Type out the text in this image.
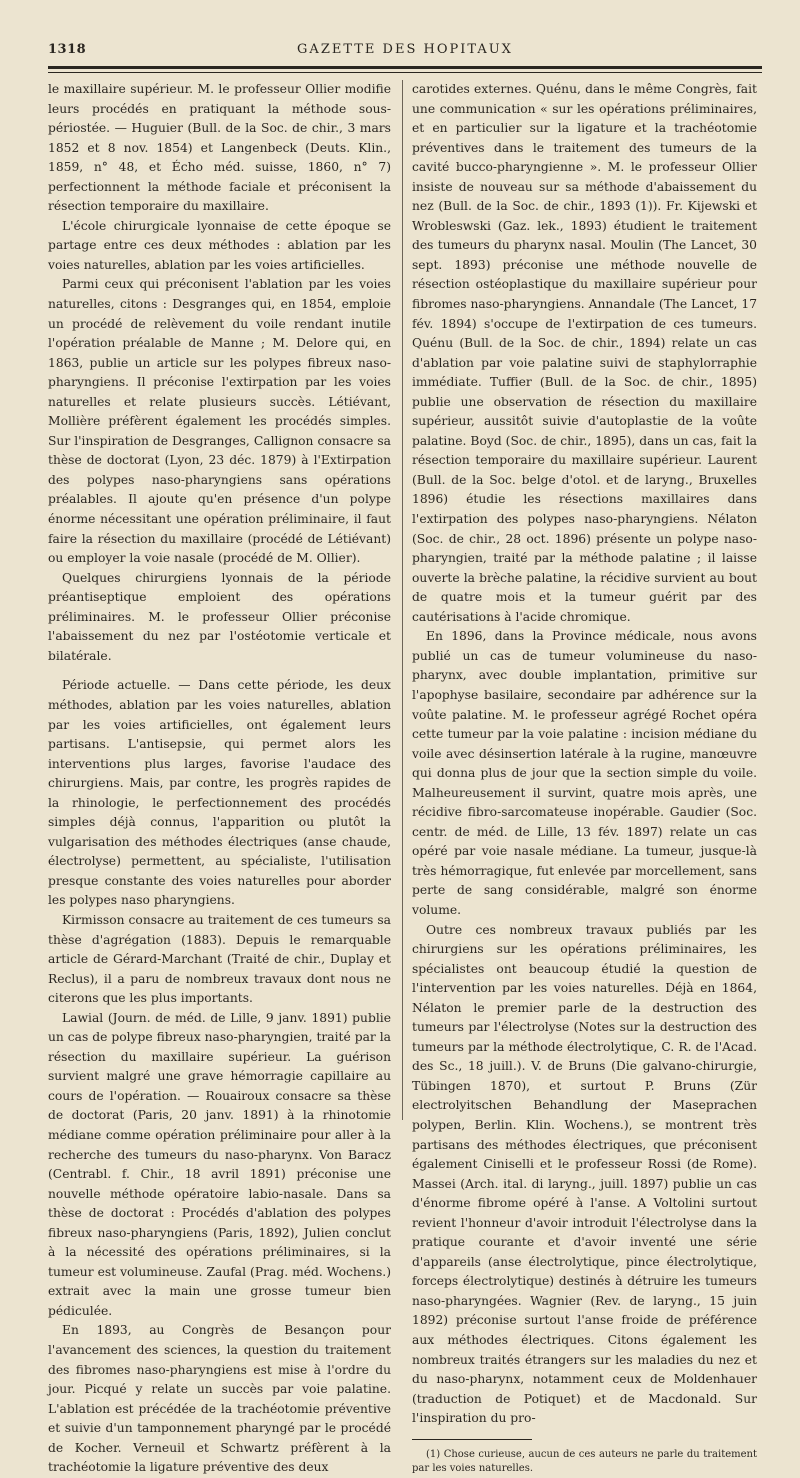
1318	GAZETTE DES HOPITAUX

le maxillaire supérieur. M. le professeur Ollier modifie leurs procédés en pratiquant la méthode sous-périostée. — Huguier (Bull. de la Soc. de chir., 3 mars 1852 et 8 nov. 1854) et Langenbeck (Deuts. Klin., 1859, n° 48, et Écho méd. suisse, 1860, n° 7) perfectionnent la méthode faciale et préconisent la résection temporaire du maxillaire.

L'école chirurgicale lyonnaise de cette époque se partage entre ces deux méthodes : ablation par les voies naturelles, ablation par les voies artificielles.

Parmi ceux qui préconisent l'ablation par les voies naturelles, citons : Desgranges qui, en 1854, emploie un procédé de relèvement du voile rendant inutile l'opération préalable de Manne ; M. Delore qui, en 1863, publie un article sur les polypes fibreux naso-pharyngiens. Il préconise l'extirpation par les voies naturelles et relate plusieurs succès. Létiévant, Mollière préfèrent également les procédés simples. Sur l'inspiration de Desgranges, Callignon consacre sa thèse de doctorat (Lyon, 23 déc. 1879) à l'Extirpation des polypes naso-pharyngiens sans opérations préalables. Il ajoute qu'en présence d'un polype énorme nécessitant une opération préliminaire, il faut faire la résection du maxillaire (procédé de Létiévant) ou employer la voie nasale (procédé de M. Ollier).

Quelques chirurgiens lyonnais de la période préantiseptique emploient des opérations préliminaires. M. le professeur Ollier préconise l'abaissement du nez par l'ostéotomie verticale et bilatérale.

Période actuelle. — Dans cette période, les deux méthodes, ablation par les voies naturelles, ablation par les voies artificielles, ont également leurs partisans. L'antisepsie, qui permet alors les interventions plus larges, favorise l'audace des chirurgiens. Mais, par contre, les progrès rapides de la rhinologie, le perfectionnement des procédés simples déjà connus, l'apparition ou plutôt la vulgarisation des méthodes électriques (anse chaude, électrolyse) permettent, au spécialiste, l'utilisation presque constante des voies naturelles pour aborder les polypes naso pharyngiens.

Kirmisson consacre au traitement de ces tumeurs sa thèse d'agrégation (1883). Depuis le remarquable article de Gérard-Marchant (Traité de chir., Duplay et Reclus), il a paru de nombreux travaux dont nous ne citerons que les plus importants.

Lawial (Journ. de méd. de Lille, 9 janv. 1891) publie un cas de polype fibreux naso-pharyngien, traité par la résection du maxillaire supérieur. La guérison survient malgré une grave hémorragie capillaire au cours de l'opération. — Rouairoux consacre sa thèse de doctorat (Paris, 20 janv. 1891) à la rhinotomie médiane comme opération préliminaire pour aller à la recherche des tumeurs du naso-pharynx. Von Baracz (Centrabl. f. Chir., 18 avril 1891) préconise une nouvelle méthode opératoire labio-nasale. Dans sa thèse de doctorat : Procédés d'ablation des polypes fibreux naso-pharyngiens (Paris, 1892), Julien conclut à la nécessité des opérations préliminaires, si la tumeur est volumineuse. Zaufal (Prag. méd. Wochens.) extrait avec la main une grosse tumeur bien pédiculée.

En 1893, au Congrès de Besançon pour l'avancement des sciences, la question du traitement des fibromes naso-pharyngiens est mise à l'ordre du jour. Picqué y relate un succès par voie palatine. L'ablation est précédée de la trachéotomie préventive et suivie d'un tamponnement pharyngé par le procédé de Kocher. Verneuil et Schwartz préfèrent à la trachéotomie la ligature préventive des deux

carotides externes. Quénu, dans le même Congrès, fait une communication « sur les opérations préliminaires, et en particulier sur la ligature et la trachéotomie préventives dans le traitement des tumeurs de la cavité bucco-pharyngienne ». M. le professeur Ollier insiste de nouveau sur sa méthode d'abaissement du nez (Bull. de la Soc. de chir., 1893 (1)). Fr. Kijewski et Wrobleswski (Gaz. lek., 1893) étudient le traitement des tumeurs du pharynx nasal. Moulin (The Lancet, 30 sept. 1893) préconise une méthode nouvelle de résection ostéoplastique du maxillaire supérieur pour fibromes naso-pharyngiens. Annandale (The Lancet, 17 fév. 1894) s'occupe de l'extirpation de ces tumeurs. Quénu (Bull. de la Soc. de chir., 1894) relate un cas d'ablation par voie palatine suivi de staphylorraphie immédiate. Tuffier (Bull. de la Soc. de chir., 1895) publie une observation de résection du maxillaire supérieur, aussitôt suivie d'autoplastie de la voûte palatine. Boyd (Soc. de chir., 1895), dans un cas, fait la résection temporaire du maxillaire supérieur. Laurent (Bull. de la Soc. belge d'otol. et de laryng., Bruxelles 1896) étudie les résections maxillaires dans l'extirpation des polypes naso-pharyngiens. Nélaton (Soc. de chir., 28 oct. 1896) présente un polype naso-pharyngien, traité par la méthode palatine ; il laisse ouverte la brèche palatine, la récidive survient au bout de quatre mois et la tumeur guérit par des cautérisations à l'acide chromique.

En 1896, dans la Province médicale, nous avons publié un cas de tumeur volumineuse du naso-pharynx, avec double implantation, primitive sur l'apophyse basilaire, secondaire par adhérence sur la voûte palatine. M. le professeur agrégé Rochet opéra cette tumeur par la voie palatine : incision médiane du voile avec désinsertion latérale à la rugine, manœuvre qui donna plus de jour que la section simple du voile. Malheureusement il survint, quatre mois après, une récidive fibro-sarcomateuse inopérable. Gaudier (Soc. centr. de méd. de Lille, 13 fév. 1897) relate un cas opéré par voie nasale médiane. La tumeur, jusque-là très hémorragique, fut enlevée par morcellement, sans perte de sang considérable, malgré son énorme volume.

Outre ces nombreux travaux publiés par les chirurgiens sur les opérations préliminaires, les spécialistes ont beaucoup étudié la question de l'intervention par les voies naturelles. Déjà en 1864, Nélaton le premier parle de la destruction des tumeurs par l'électrolyse (Notes sur la destruction des tumeurs par la méthode électrolytique, C. R. de l'Acad. des Sc., 18 juill.). V. de Bruns (Die galvano-chirurgie, Tübingen 1870), et surtout P. Bruns (Zür electrolyitschen Behandlung der Maseprachen polypen, Berlin. Klin. Wochens.), se montrent très partisans des méthodes électriques, que préconisent également Ciniselli et le professeur Rossi (de Rome). Massei (Arch. ital. di laryng., juill. 1897) publie un cas d'énorme fibrome opéré à l'anse. A Voltolini surtout revient l'honneur d'avoir introduit l'électrolyse dans la pratique courante et d'avoir inventé une série d'appareils (anse électrolytique, pince électrolytique, forceps électrolytique) destinés à détruire les tumeurs naso-pharyngées. Wagnier (Rev. de laryng., 15 juin 1892) préconise surtout l'anse froide de préférence aux méthodes électriques. Citons également les nombreux traités étrangers sur les maladies du nez et du naso-pharynx, notamment ceux de Moldenhauer (traduction de Potiquet) et de Macdonald. Sur l'inspiration du pro-

(1) Chose curieuse, aucun de ces auteurs ne parle du traitement par les voies naturelles.
